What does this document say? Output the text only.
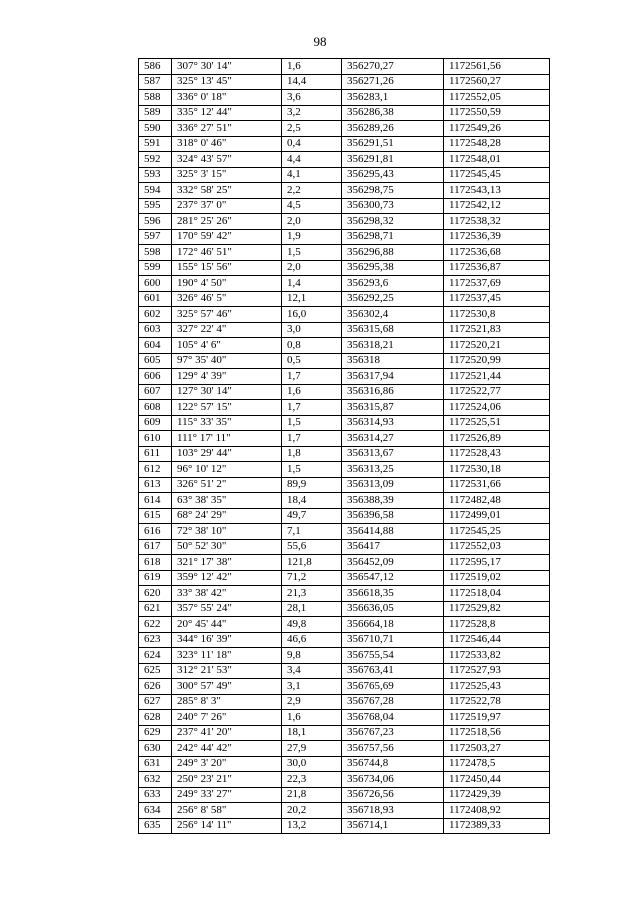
98
586	307° 30' 14"	1,6	356270,27	1172561,56
587	325° 13' 45"	14,4	356271,26	1172560,27
588	336° 0' 18"	3,6	356283,1	1172552,05
589	335° 12' 44"	3,2	356286,38	1172550,59
590	336° 27' 51"	2,5	356289,26	1172549,26
591	318° 0' 46"	0,4	356291,51	1172548,28
592	324° 43' 57"	4,4	356291,81	1172548,01
593	325° 3' 15"	4,1	356295,43	1172545,45
594	332° 58' 25"	2,2	356298,75	1172543,13
595	237° 37' 0"	4,5	356300,73	1172542,12
596	281° 25' 26"	2,0	356298,32	1172538,32
597	170° 59' 42"	1,9	356298,71	1172536,39
598	172° 46' 51"	1,5	356296,88	1172536,68
599	155° 15' 56"	2,0	356295,38	1172536,87
600	190° 4' 50"	1,4	356293,6	1172537,69
601	326° 46' 5"	12,1	356292,25	1172537,45
602	325° 57' 46"	16,0	356302,4	1172530,8
603	327° 22' 4"	3,0	356315,68	1172521,83
604	105° 4' 6"	0,8	356318,21	1172520,21
605	97° 35' 40"	0,5	356318	1172520,99
606	129° 4' 39"	1,7	356317,94	1172521,44
607	127° 30' 14"	1,6	356316,86	1172522,77
608	122° 57' 15"	1,7	356315,87	1172524,06
609	115° 33' 35"	1,5	356314,93	1172525,51
610	111° 17' 11"	1,7	356314,27	1172526,89
611	103° 29' 44"	1,8	356313,67	1172528,43
612	96° 10' 12"	1,5	356313,25	1172530,18
613	326° 51' 2"	89,9	356313,09	1172531,66
614	63° 38' 35"	18,4	356388,39	1172482,48
615	68° 24' 29"	49,7	356396,58	1172499,01
616	72° 38' 10"	7,1	356414,88	1172545,25
617	50° 52' 30"	55,6	356417	1172552,03
618	321° 17' 38"	121,8	356452,09	1172595,17
619	359° 12' 42"	71,2	356547,12	1172519,02
620	33° 38' 42"	21,3	356618,35	1172518,04
621	357° 55' 24"	28,1	356636,05	1172529,82
622	20° 45' 44"	49,8	356664,18	1172528,8
623	344° 16' 39"	46,6	356710,71	1172546,44
624	323° 11' 18"	9,8	356755,54	1172533,82
625	312° 21' 53"	3,4	356763,41	1172527,93
626	300° 57' 49"	3,1	356765,69	1172525,43
627	285° 8' 3"	2,9	356767,28	1172522,78
628	240° 7' 26"	1,6	356768,04	1172519,97
629	237° 41' 20"	18,1	356767,23	1172518,56
630	242° 44' 42"	27,9	356757,56	1172503,27
631	249° 3' 20"	30,0	356744,8	1172478,5
632	250° 23' 21"	22,3	356734,06	1172450,44
633	249° 33' 27"	21,8	356726,56	1172429,39
634	256° 8' 58"	20,2	356718,93	1172408,92
635	256° 14' 11"	13,2	356714,1	1172389,33
